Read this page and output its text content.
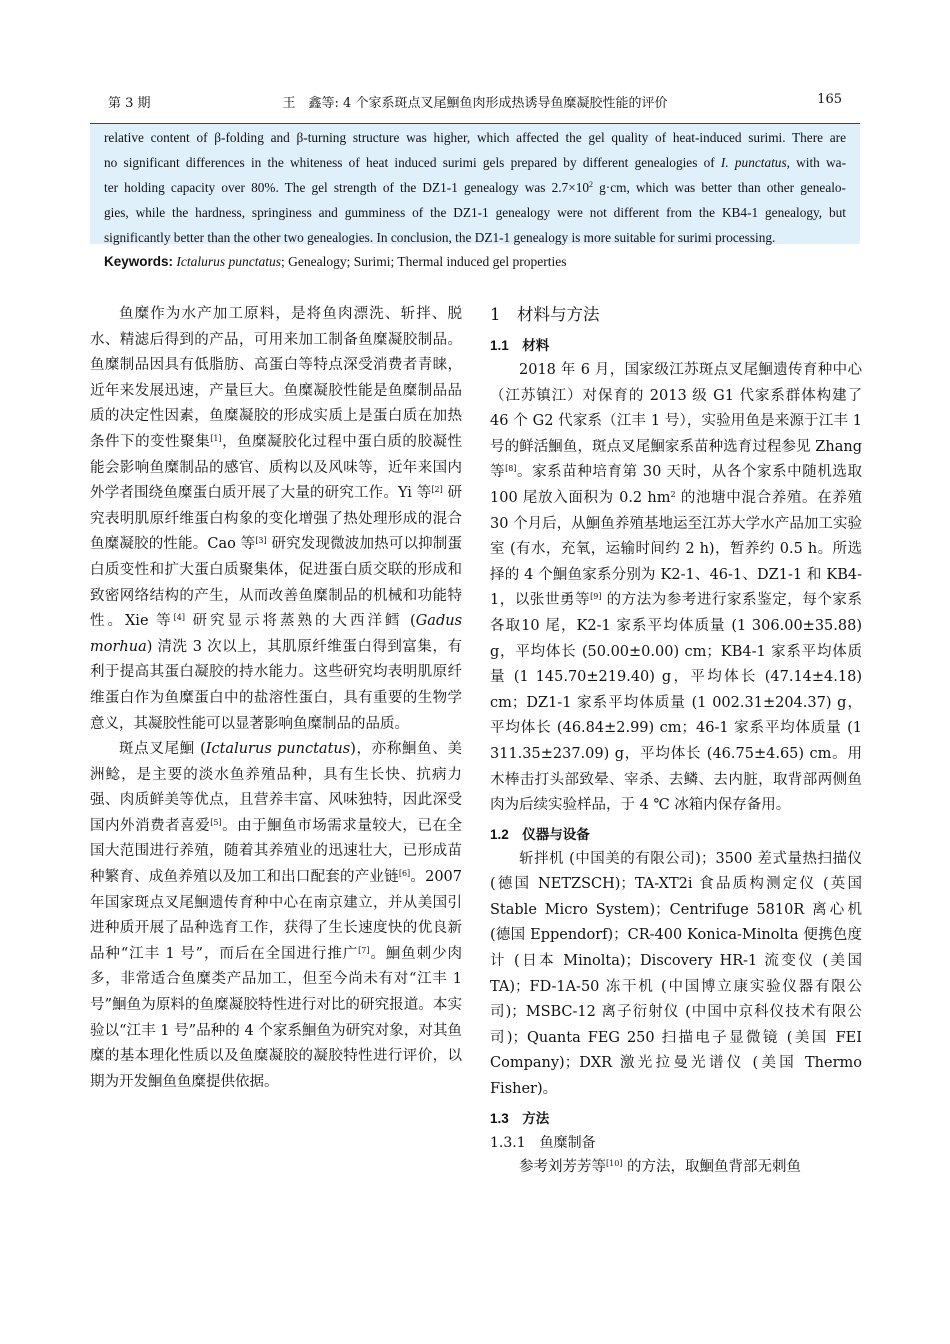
第 3 期	王　鑫等: 4 个家系斑点叉尾鮰鱼肉形成热诱导鱼糜凝胶性能的评价	165
relative content of β-folding and β-turning structure was higher, which affected the gel quality of heat-induced surimi. There are
no significant differences in the whiteness of heat induced surimi gels prepared by different genealogies of I. punctatus, with wa-
ter holding capacity over 80%. The gel strength of the DZ1-1 genealogy was $2.7\times 10^2$ g·cm, which was better than other genealo-
gies, while the hardness, springiness and gumminess of the DZ1-1 genealogy were not different from the KB4-1 genealogy, but
significantly better than the other two genealogies. In conclusion, the DZ1-1 genealogy is more suitable for surimi processing.
Keywords: Ictalurus punctatus; Genealogy; Surimi; Thermal induced gel properties

鱼糜作为水产加工原料，是将鱼肉漂洗、斩拌、脱水、精滤后得到的产品，可用来加工制备鱼糜凝胶制品。鱼糜制品因具有低脂肪、高蛋白等特点深受消费者青睐，近年来发展迅速，产量巨大。鱼糜凝胶性能是鱼糜制品品质的决定性因素，鱼糜凝胶的形成实质上是蛋白质在加热条件下的变性聚集[1]，鱼糜凝胶化过程中蛋白质的胶凝性能会影响鱼糜制品的感官、质构以及风味等，近年来国内外学者围绕鱼糜蛋白质开展了大量的研究工作。Yi 等[2] 研究表明肌原纤维蛋白构象的变化增强了热处理形成的混合鱼糜凝胶的性能。Cao 等[3] 研究发现微波加热可以抑制蛋白质变性和扩大蛋白质聚集体，促进蛋白质交联的形成和致密网络结构的产生，从而改善鱼糜制品的机械和功能特性。Xie 等[4] 研究显示将蒸熟的大西洋鳕 (Gadus morhua) 清洗 3 次以上，其肌原纤维蛋白得到富集，有利于提高其蛋白凝胶的持水能力。这些研究均表明肌原纤维蛋白作为鱼糜蛋白中的盐溶性蛋白，具有重要的生物学意义，其凝胶性能可以显著影响鱼糜制品的品质。

斑点叉尾鮰 (Ictalurus punctatus)，亦称鮰鱼、美洲鲶，是主要的淡水鱼养殖品种，具有生长快、抗病力强、肉质鲜美等优点，且营养丰富、风味独特，因此深受国内外消费者喜爱[5]。由于鮰鱼市场需求量较大，已在全国大范围进行养殖，随着其养殖业的迅速壮大，已形成苗种繁育、成鱼养殖以及加工和出口配套的产业链[6]。2007 年国家斑点叉尾鮰遗传育种中心在南京建立，并从美国引进种质开展了品种选育工作，获得了生长速度快的优良新品种“江丰 1 号”，而后在全国进行推广[7]。鮰鱼刺少肉多，非常适合鱼糜类产品加工，但至今尚未有对“江丰 1 号”鮰鱼为原料的鱼糜凝胶特性进行对比的研究报道。本实验以“江丰 1 号”品种的 4 个家系鮰鱼为研究对象，对其鱼糜的基本理化性质以及鱼糜凝胶的凝胶特性进行评价，以期为开发鮰鱼鱼糜提供依据。

1　材料与方法
1.1　材料

2018 年 6 月，国家级江苏斑点叉尾鮰遗传育种中心（江苏镇江）对保育的 2013 级 G1 代家系群体构建了 46 个 G2 代家系（江丰 1 号），实验用鱼是来源于江丰 1 号的鲜活鮰鱼，斑点叉尾鮰家系苗种选育过程参见 Zhang 等[8]。家系苗种培育第 30 天时，从各个家系中随机选取 100 尾放入面积为 0.2 $hm^2$ 的池塘中混合养殖。在养殖 30 个月后，从鮰鱼养殖基地运至江苏大学水产品加工实验室 (有水，充氧，运输时间约 2 h)，暂养约 0.5 h。所选择的 4 个鮰鱼家系分别为 K2-1、46-1、DZ1-1 和 KB4-1，以张世勇等[9] 的方法为参考进行家系鉴定，每个家系各取10 尾，K2-1 家系平均体质量 (1 306.00±35.88) g，平均体长 (50.00±0.00) cm；KB4-1 家系平均体质量 (1 145.70±219.40) g，平均体长 (47.14±4.18) cm；DZ1-1 家系平均体质量 (1 002.31±204.37) g，平均体长 (46.84±2.99) cm；46-1 家系平均体质量 (1 311.35±237.09) g，平均体长 (46.75±4.65) cm。用木棒击打头部致晕、宰杀、去鳞、去内脏，取背部两侧鱼肉为后续实验样品，于 4 ℃ 冰箱内保存备用。

1.2　仪器与设备

斩拌机 (中国美的有限公司)；3500 差式量热扫描仪 (德国 NETZSCH)；TA-XT2i 食品质构测定仪 (英国 Stable Micro System)；Centrifuge 5810R 离心机 (德国 Eppendorf)；CR-400 Konica-Minolta 便携色度计 (日本 Minolta)；Discovery HR-1 流变仪 (美国 TA)；FD-1A-50 冻干机 (中国博立康实验仪器有限公司)；MSBC-12 离子衍射仪 (中国中京科仪技术有限公司)；Quanta FEG 250 扫描电子显微镜 (美国 FEI Company)；DXR 激光拉曼光谱仪 (美国 Thermo Fisher)。

1.3　方法
1.3.1　鱼糜制备

参考刘芳芳等[10] 的方法，取鮰鱼背部无刺鱼
